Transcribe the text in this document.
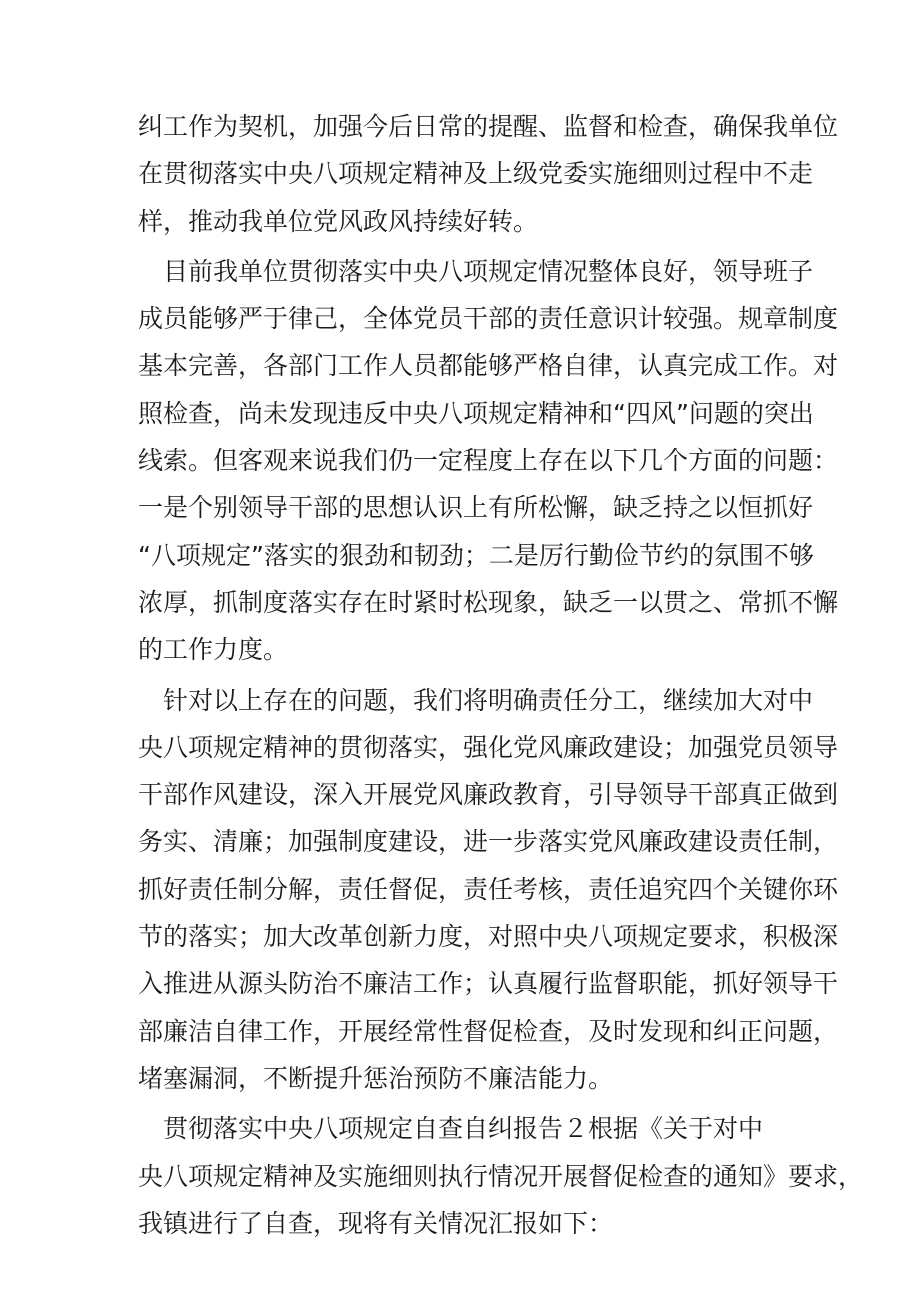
纠工作为契机，加强今后日常的提醒、监督和检查，确保我单位
在贯彻落实中央八项规定精神及上级党委实施细则过程中不走
样，推动我单位党风政风持续好转。
　目前我单位贯彻落实中央八项规定情况整体良好，领导班子
成员能够严于律己，全体党员干部的责任意识计较强。规章制度
基本完善，各部门工作人员都能够严格自律，认真完成工作。对
照检查，尚未发现违反中央八项规定精神和“四风”问题的突出
线索。但客观来说我们仍一定程度上存在以下几个方面的问题：
一是个别领导干部的思想认识上有所松懈，缺乏持之以恒抓好
“八项规定”落实的狠劲和韧劲；二是厉行勤俭节约的氛围不够
浓厚，抓制度落实存在时紧时松现象，缺乏一以贯之、常抓不懈
的工作力度。
　针对以上存在的问题，我们将明确责任分工，继续加大对中
央八项规定精神的贯彻落实，强化党风廉政建设；加强党员领导
干部作风建设，深入开展党风廉政教育，引导领导干部真正做到
务实、清廉；加强制度建设，进一步落实党风廉政建设责任制，
抓好责任制分解，责任督促，责任考核，责任追究四个关键你环
节的落实；加大改革创新力度，对照中央八项规定要求，积极深
入推进从源头防治不廉洁工作；认真履行监督职能，抓好领导干
部廉洁自律工作，开展经常性督促检查，及时发现和纠正问题，
堵塞漏洞，不断提升惩治预防不廉洁能力。
　贯彻落实中央八项规定自查自纠报告２根据《关于对中
央八项规定精神及实施细则执行情况开展督促检查的通知》要求，
我镇进行了自查，现将有关情况汇报如下：
